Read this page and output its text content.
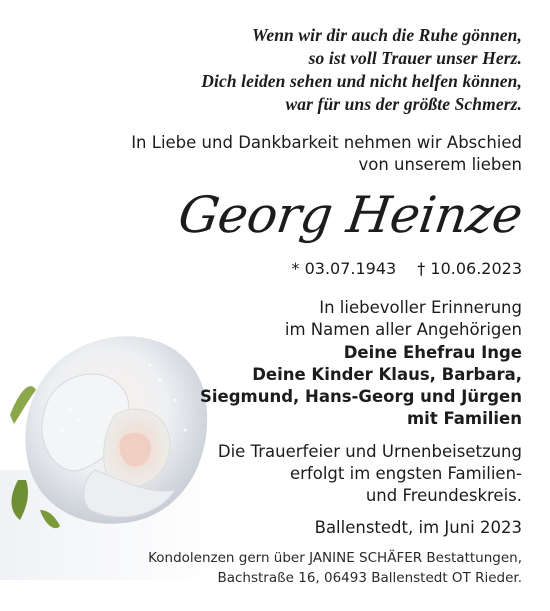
Wenn wir dir auch die Ruhe gönnen,
so ist voll Trauer unser Herz.
Dich leiden sehen und nicht helfen können,
war für uns der größte Schmerz.
In Liebe und Dankbarkeit nehmen wir Abschied
von unserem lieben
Georg Heinze
* 03.07.1943 † 10.06.2023
In liebevoller Erinnerung
im Namen aller Angehörigen
Deine Ehefrau Inge
Deine Kinder Klaus, Barbara,
Siegmund, Hans-Georg und Jürgen
mit Familien
Die Trauerfeier und Urnenbeisetzung
erfolgt im engsten Familien-
und Freundeskreis.
Ballenstedt, im Juni 2023
Kondolenzen gern über JANINE SCHÄFER Bestattungen,
Bachstraße 16, 06493 Ballenstedt OT Rieder.
